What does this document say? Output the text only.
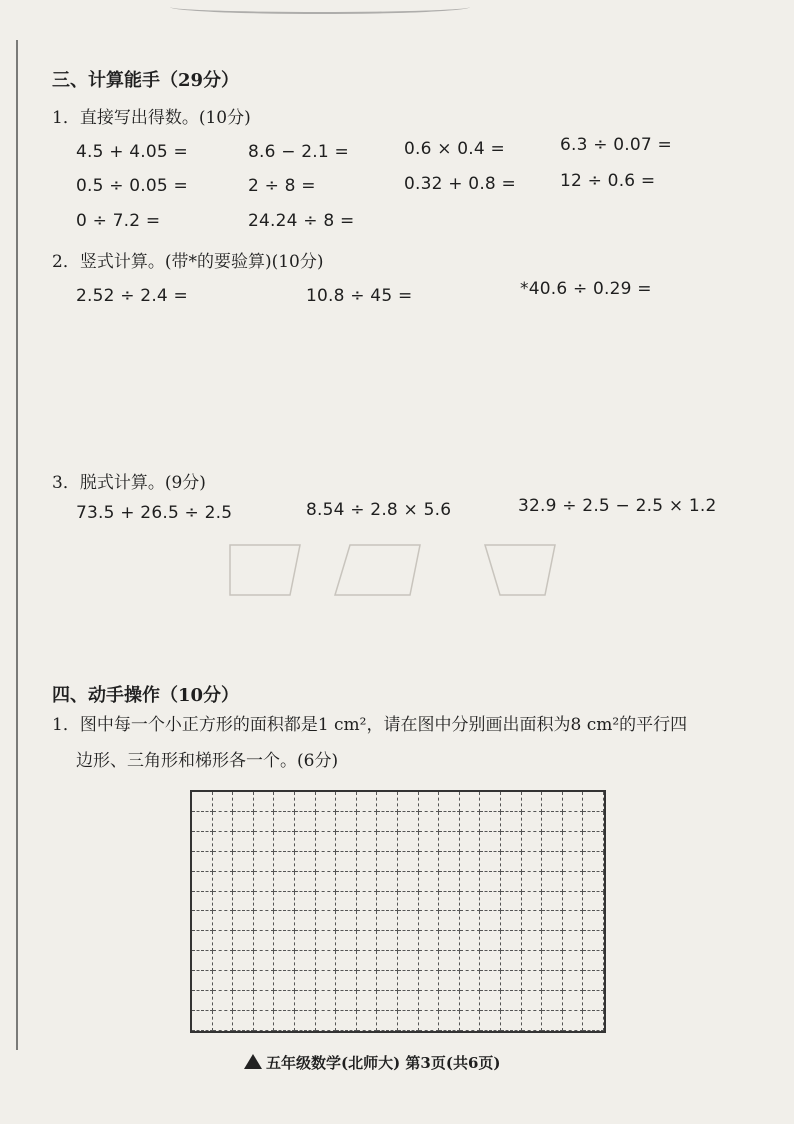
三、计算能手（29分）
1．直接写出得数。(10分)
4.5 + 4.05 =	8.6 − 2.1 =	0.6 × 0.4 =	6.3 ÷ 0.07 =
0.5 ÷ 0.05 =	2 ÷ 8 =	0.32 + 0.8 =	12 ÷ 0.6 =
0 ÷ 7.2 =	24.24 ÷ 8 =
2．竖式计算。(带*的要验算)(10分)
2.52 ÷ 2.4 =	10.8 ÷ 45 =	*40.6 ÷ 0.29 =
3．脱式计算。(9分)
73.5 + 26.5 ÷ 2.5	8.54 ÷ 2.8 × 5.6	32.9 ÷ 2.5 − 2.5 × 1.2
四、动手操作（10分）
1．图中每一个小正方形的面积都是1 cm²，请在图中分别画出面积为8 cm²的平行四
边形、三角形和梯形各一个。(6分)
五年级数学(北师大) 第3页(共6页)
